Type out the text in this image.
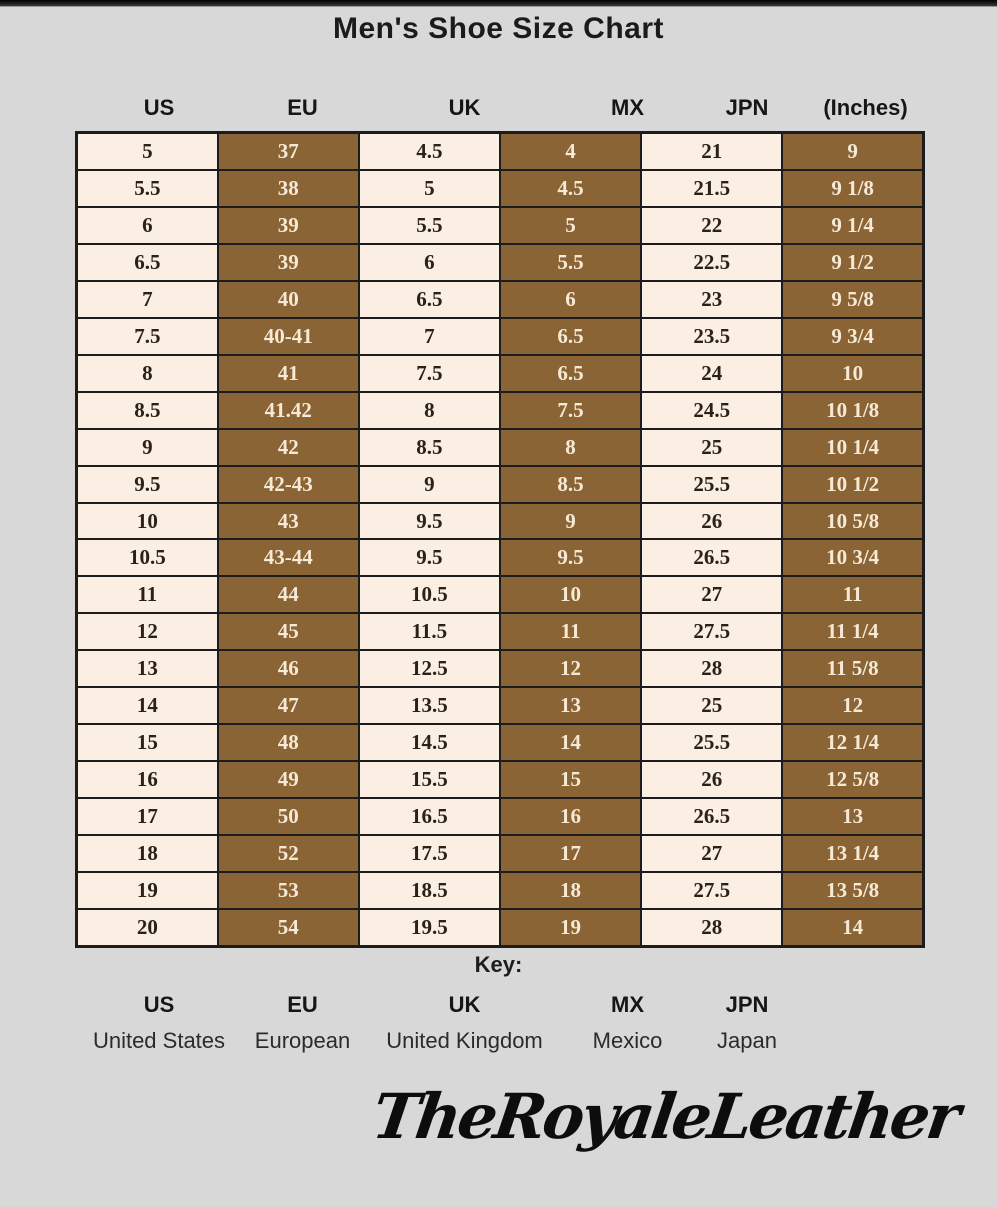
Men's Shoe Size Chart
US	EU	UK	MX	JPN	(Inches)
5	37	4.5	4	21	9
5.5	38	5	4.5	21.5	9 1/8
6	39	5.5	5	22	9 1/4
6.5	39	6	5.5	22.5	9 1/2
7	40	6.5	6	23	9 5/8
7.5	40-41	7	6.5	23.5	9 3/4
8	41	7.5	6.5	24	10
8.5	41.42	8	7.5	24.5	10 1/8
9	42	8.5	8	25	10 1/4
9.5	42-43	9	8.5	25.5	10 1/2
10	43	9.5	9	26	10 5/8
10.5	43-44	9.5	9.5	26.5	10 3/4
11	44	10.5	10	27	11
12	45	11.5	11	27.5	11 1/4
13	46	12.5	12	28	11 5/8
14	47	13.5	13	25	12
15	48	14.5	14	25.5	12 1/4
16	49	15.5	15	26	12 5/8
17	50	16.5	16	26.5	13
18	52	17.5	17	27	13 1/4
19	53	18.5	18	27.5	13 5/8
20	54	19.5	19	28	14
Key:
US	EU	UK	MX	JPN
United States	European	United Kingdom	Mexico	Japan
TheRoyaleLeather
